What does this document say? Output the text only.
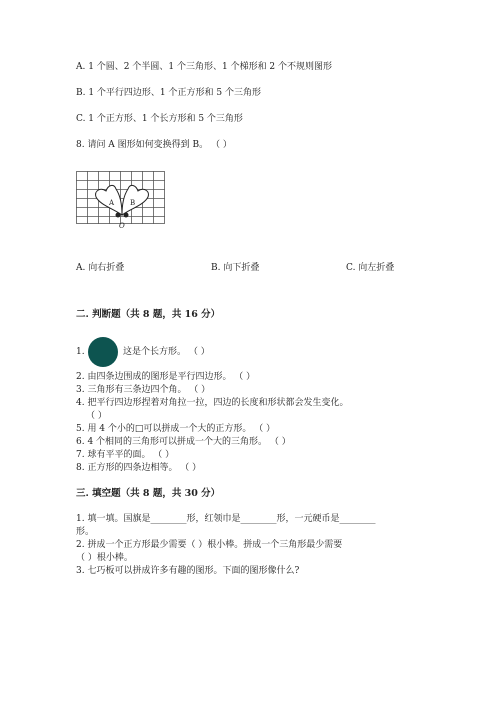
A. 1 个圆、2 个半圆、1 个三角形、1 个梯形和 2 个不规则图形
B. 1 个平行四边形、1 个正方形和 5 个三角形
C. 1 个正方形、1 个长方形和 5 个三角形
8. 请问 A 图形如何变换得到 B。 （ ）
A B
O
A. 向右折叠	B. 向下折叠	C. 向左折叠
二. 判断题（共 8 题，共 16 分）
1.	这是个长方形。 （ ）
2. 由四条边围成的图形是平行四边形。 （ ）
3. 三角形有三条边四个角。 （ ）
4. 把平行四边形捏着对角拉一拉，四边的长度和形状都会发生变化。
（ ）
5. 用 4 个小的□可以拼成一个大的正方形。 （ ）
6. 4 个相同的三角形可以拼成一个大的三角形。 （ ）
7. 球有平平的面。 （ ）
8. 正方形的四条边相等。 （ ）
三. 填空题（共 8 题，共 30 分）
1. 填一填。国旗是________形，红领巾是________形，一元硬币是________
形。
2. 拼成一个正方形最少需要（ ）根小棒。拼成一个三角形最少需要
（ ）根小棒。
3. 七巧板可以拼成许多有趣的图形。下面的图形像什么?
